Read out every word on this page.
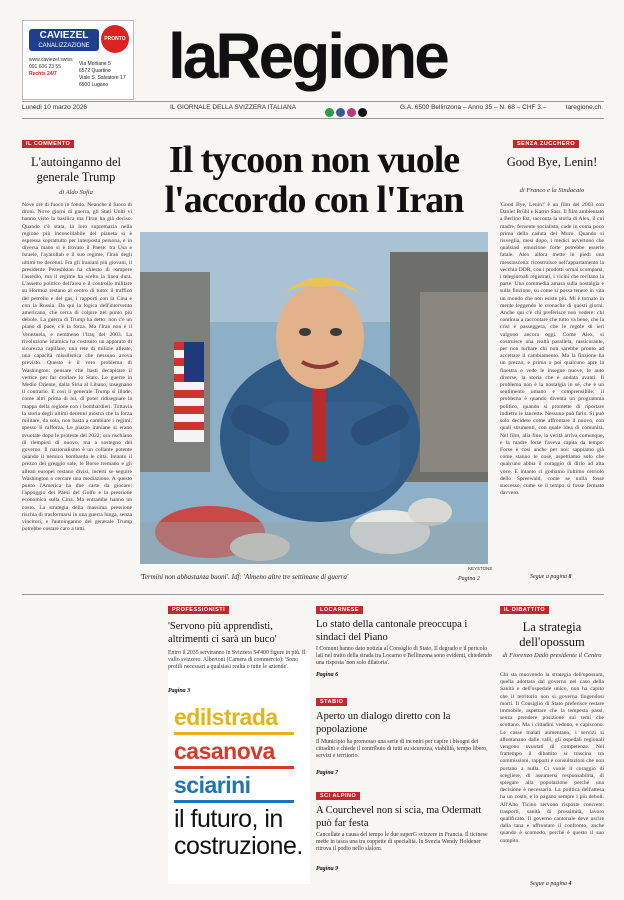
CAVIEZEL
CANALIZZAZIONE
PRONTO INTERVENTO
www.caviezel.swiss
091 606 23 55
Rechts 24/7
Via Moriiane 5
6572 Quartino
Viale S. Salvatore 17
6900 Lugano laRegione
Lunedì 10 marzo 2026	IL GIORNALE DELLA SVIZZERA ITALIANA	G.A. 6500 Bellinzona – Anno 35 – N. 68 – CHF 3.–	laregione.ch
IL COMMENTO
L'autoinganno del generale Trump
di Aldo Sofia
Nove ore di fuoco in fondo. Neanche il fuoco di droni. Nove giorni di guerra, gli Stati Uniti vi hanno visto la basilica ma l'Iran ha già deciso. Quando c'è stata, la loro supremazia nella regione più inconciliabile del pianeta si è espressa soprattutto per interposta persona, e in diversa mano si è trovato il Paese: tra Usa e Israele, l'ayatollah e il suo regime, l'Iran degli ultimi tre decenni. Fra gli iraniani più giovani, il presidente Pezeshkian ha chiesto di rompere l'assedio, ma il regime ha scelto la linea dura. L'assetto politico dell'area e il controllo militare su Hormuz restano al centro di tutto: il traffico del petrolio e del gas, i rapporti con la Cina e con la Russia. Da qui la logica dell'intervento americano, che cerca di colpire nel punto più debole. La guerra di Trump ha detto: non c'è un piano di pace, c'è la forza. Ma l'Iran non è il Venezuela, e nemmeno l'Iraq del 2003. La rivoluzione islamica ha costruito un apparato di sicurezza capillare, una rete di milizie alleate, una capacità missilistica che nessuno aveva previsto. Questo è il vero problema di Washington: pensare che basti decapitare il vertice per far crollare lo Stato. Le guerre in Medio Oriente, dalla Siria al Libano, insegnano il contrario. E così il generale Trump si illude, come altri prima di lui, di poter ridisegnare la mappa della regione con i bombardieri. Tuttavia la storia degli ultimi decenni mostra che la forza militare, da sola, non basta a cambiare i regimi; spesso li rafforza. Le piazze iraniane si erano svuotate dopo le proteste del 2022; ora rischiano di riempirsi di nuovo, ma a sostegno del governo. Il nazionalismo è un collante potente quando il nemico bombarda le città. Intanto il prezzo del greggio sale, le Borse tremano e gli alleati europei restano divisi, incerti se seguire Washington o cercare una mediazione. A questo punto l'America ha due carte da giocare: l'appoggio dei Paesi del Golfo e la pressione economica sulla Cina. Ma entrambe hanno un costo. La strategia della massima pressione rischia di trasformarsi in una guerra lunga, senza vincitori, e l'autoinganno del generale Trump potrebbe costare caro a tutti.
Il tycoon non vuole l'accordo con l'Iran
KEYSTONE
'Termini non abbastanza buoni'. Idf: 'Almeno altre tre settimane di guerra'	Pagina 2
SENZA ZUCCHERO
Good Bye, Lenin!
di Franco e la Sindacato
'Good Bye, Lenin!' è un film del 2003 con Daniel Brühl e Katrin Sass. Il film ambientato a Berlino Est, racconta la storia di Alex, il cui madre, fervente socialista, cade in coma poco prima della caduta del Muro. Quando si risveglia, mesi dopo, i medici avvertono che qualsiasi emozione forte potrebbe esserle fatale. Alex allora mette in piedi una messinscena: ricostruisce nell'appartamento la vecchia DDR, con i prodotti ormai scomparsi, i telegiornali registrati, i vicini che recitano la parte. Una commedia amara sulla nostalgia e sulla finzione, su come si possa tenere in vita un mondo che non esiste più. Mi è tornato in mente leggendo le cronache di questi giorni. Anche qui c'è chi preferisce non vedere: chi continua a raccontare che tutto va bene, che la crisi è passeggera, che le regole di ieri valgono ancora oggi. Come Alex, si costruisce una realtà parallela, rassicurante, per non turbare chi non sarebbe pronto ad accettare il cambiamento. Ma la finzione ha un prezzo, e prima o poi qualcuno apre la finestra e vede le insegne nuove, le auto diverse, la storia che è andata avanti. Il problema non è la nostalgia in sé, che è un sentimento umano e comprensibile; il problema è quando diventa un programma politico, quando si promette di riportare indietro le lancette. Nessuno può farlo. Si può solo decidere come affrontare il nuovo, con quali strumenti, con quale idea di comunità. Nel film, alla fine, la verità arriva comunque, e la madre forse l'aveva capita da tempo. Forse è così anche per noi: sappiamo già come stanno le cose, aspettiamo solo che qualcuno abbia il coraggio di dirlo ad alta voce. E intanto ci godiamo l'ultimo cetriolo dello Spreewald, come se nulla fosse successo, come se il tempo si fosse fermato davvero.
Segue a pagina 8
PROFESSIONISTI
'Servono più apprendisti, altrimenti ci sarà un buco'
Entro il 2035 serviranno in Svizzera 54'400 figure in più. Il vallo svizzero. Albertoni (Camera di commercio): 'Sono profili necessari a qualsiasi realtà o tutte le aziende'.
Pagina 3
edilstrada
casanova
sciarini
il futuro, in costruzione.
LOCARNESE
Lo stato della cantonale preoccupa i sindaci del Piano
I Comuni hanno dato notizia al Consiglio di Stato. Il degrado e il pericolo lati nel tratto della strada tra Locarno e Bellinzona sono evidenti, chiedendo una risposta 'non solo dilatoria'.
Pagina 6
STABIO
Aperto un dialogo diretto con la popolazione
Il Municipio ha promosso una serie di incontri per capire i bisogni dei cittadini e chiede il contributo di tutti su sicurezza, viabilità, tempo libero, servizi e territorio.
Pagina 7
SCI ALPINO
A Courchevel non si scia, ma Odermatt può far festa
Cancellate a causa del tempo le due superG svizzere in Francia. Il ticinese mette in tasca una tra coppette di specialità. In Svezia Wendy Holdener ritrova il podio nello slalom.
Pagina 9
IL DIBATTITO
La strategia dell'opossum
di Fiorenzo Dadò presidente il Centro
Chi sta muovendo la strategia dell'opossum, quella adottata dal governo nel caso della Sanità e dell'ospedale unico, non ha capito che il territorio non si governa fingendosi morti. Il Consiglio di Stato preferisce restare immobile, aspettare che la tempesta passi, senza prendere posizione sui temi che scottano. Ma i cittadini vedono, e capiscono. Le casse malati aumentano, i servizi si allontanano dalle valli, gli ospedali regionali vengono svuotati di competenze. Nel frattempo il dibattito si trascina tra commissioni, rapporti e consultazioni che non portano a nulla. Ci vuole il coraggio di scegliere, di assumersi responsabilità, di spiegare alla popolazione perché una decisione è necessaria. La politica dell'attesa ha un costo, e lo pagano sempre i più deboli. All'Alto Ticino servono risposte concrete: trasporti, sanità di prossimità, lavoro qualificato. Il governo cantonale deve uscire dalla tana e affrontare il confronto, anche quando è scomodo, perché è questo il suo compito.
Segue a pagina 4
